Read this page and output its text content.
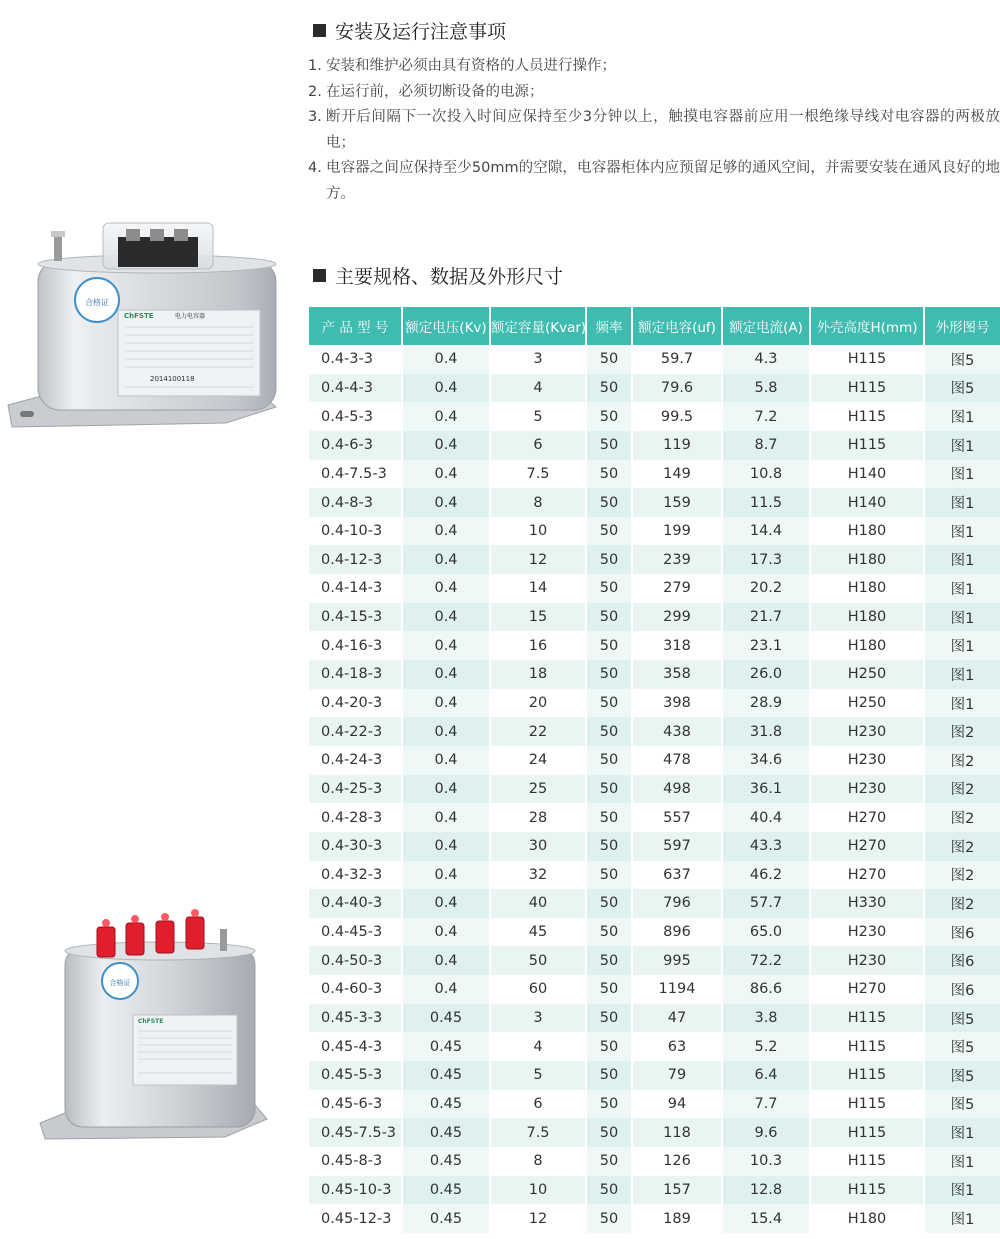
安装及运行注意事项
1. 安装和维护必须由具有资格的人员进行操作；
2. 在运行前，必须切断设备的电源；
3. 断开后间隔下一次投入时间应保持至少3分钟以上，触摸电容器前应用一根绝缘导线对电容器的两极放电；
4. 电容器之间应保持至少50mm的空隙，电容器柜体内应预留足够的通风空间，并需要安装在通风良好的地方。
主要规格、数据及外形尺寸
产 品 型 号	额定电压(Kv)	额定容量(Kvar)	频率	额定电容(uf)	额定电流(A)	外壳高度H(mm)	外形图号
0.4-3-3	0.4	3	50	59.7	4.3	H115	图5
0.4-4-3	0.4	4	50	79.6	5.8	H115	图5
0.4-5-3	0.4	5	50	99.5	7.2	H115	图1
0.4-6-3	0.4	6	50	119	8.7	H115	图1
0.4-7.5-3	0.4	7.5	50	149	10.8	H140	图1
0.4-8-3	0.4	8	50	159	11.5	H140	图1
0.4-10-3	0.4	10	50	199	14.4	H180	图1
0.4-12-3	0.4	12	50	239	17.3	H180	图1
0.4-14-3	0.4	14	50	279	20.2	H180	图1
0.4-15-3	0.4	15	50	299	21.7	H180	图1
0.4-16-3	0.4	16	50	318	23.1	H180	图1
0.4-18-3	0.4	18	50	358	26.0	H250	图1
0.4-20-3	0.4	20	50	398	28.9	H250	图1
0.4-22-3	0.4	22	50	438	31.8	H230	图2
0.4-24-3	0.4	24	50	478	34.6	H230	图2
0.4-25-3	0.4	25	50	498	36.1	H230	图2
0.4-28-3	0.4	28	50	557	40.4	H270	图2
0.4-30-3	0.4	30	50	597	43.3	H270	图2
0.4-32-3	0.4	32	50	637	46.2	H270	图2
0.4-40-3	0.4	40	50	796	57.7	H330	图2
0.4-45-3	0.4	45	50	896	65.0	H230	图6
0.4-50-3	0.4	50	50	995	72.2	H230	图6
0.4-60-3	0.4	60	50	1194	86.6	H270	图6
0.45-3-3	0.45	3	50	47	3.8	H115	图5
0.45-4-3	0.45	4	50	63	5.2	H115	图5
0.45-5-3	0.45	5	50	79	6.4	H115	图5
0.45-6-3	0.45	6	50	94	7.7	H115	图5
0.45-7.5-3	0.45	7.5	50	118	9.6	H115	图1
0.45-8-3	0.45	8	50	126	10.3	H115	图1
0.45-10-3	0.45	10	50	157	12.8	H115	图1
0.45-12-3	0.45	12	50	189	15.4	H180	图1
合格证
ChFSTE	电力电容器
2014100118
合格证
ChFSTE
